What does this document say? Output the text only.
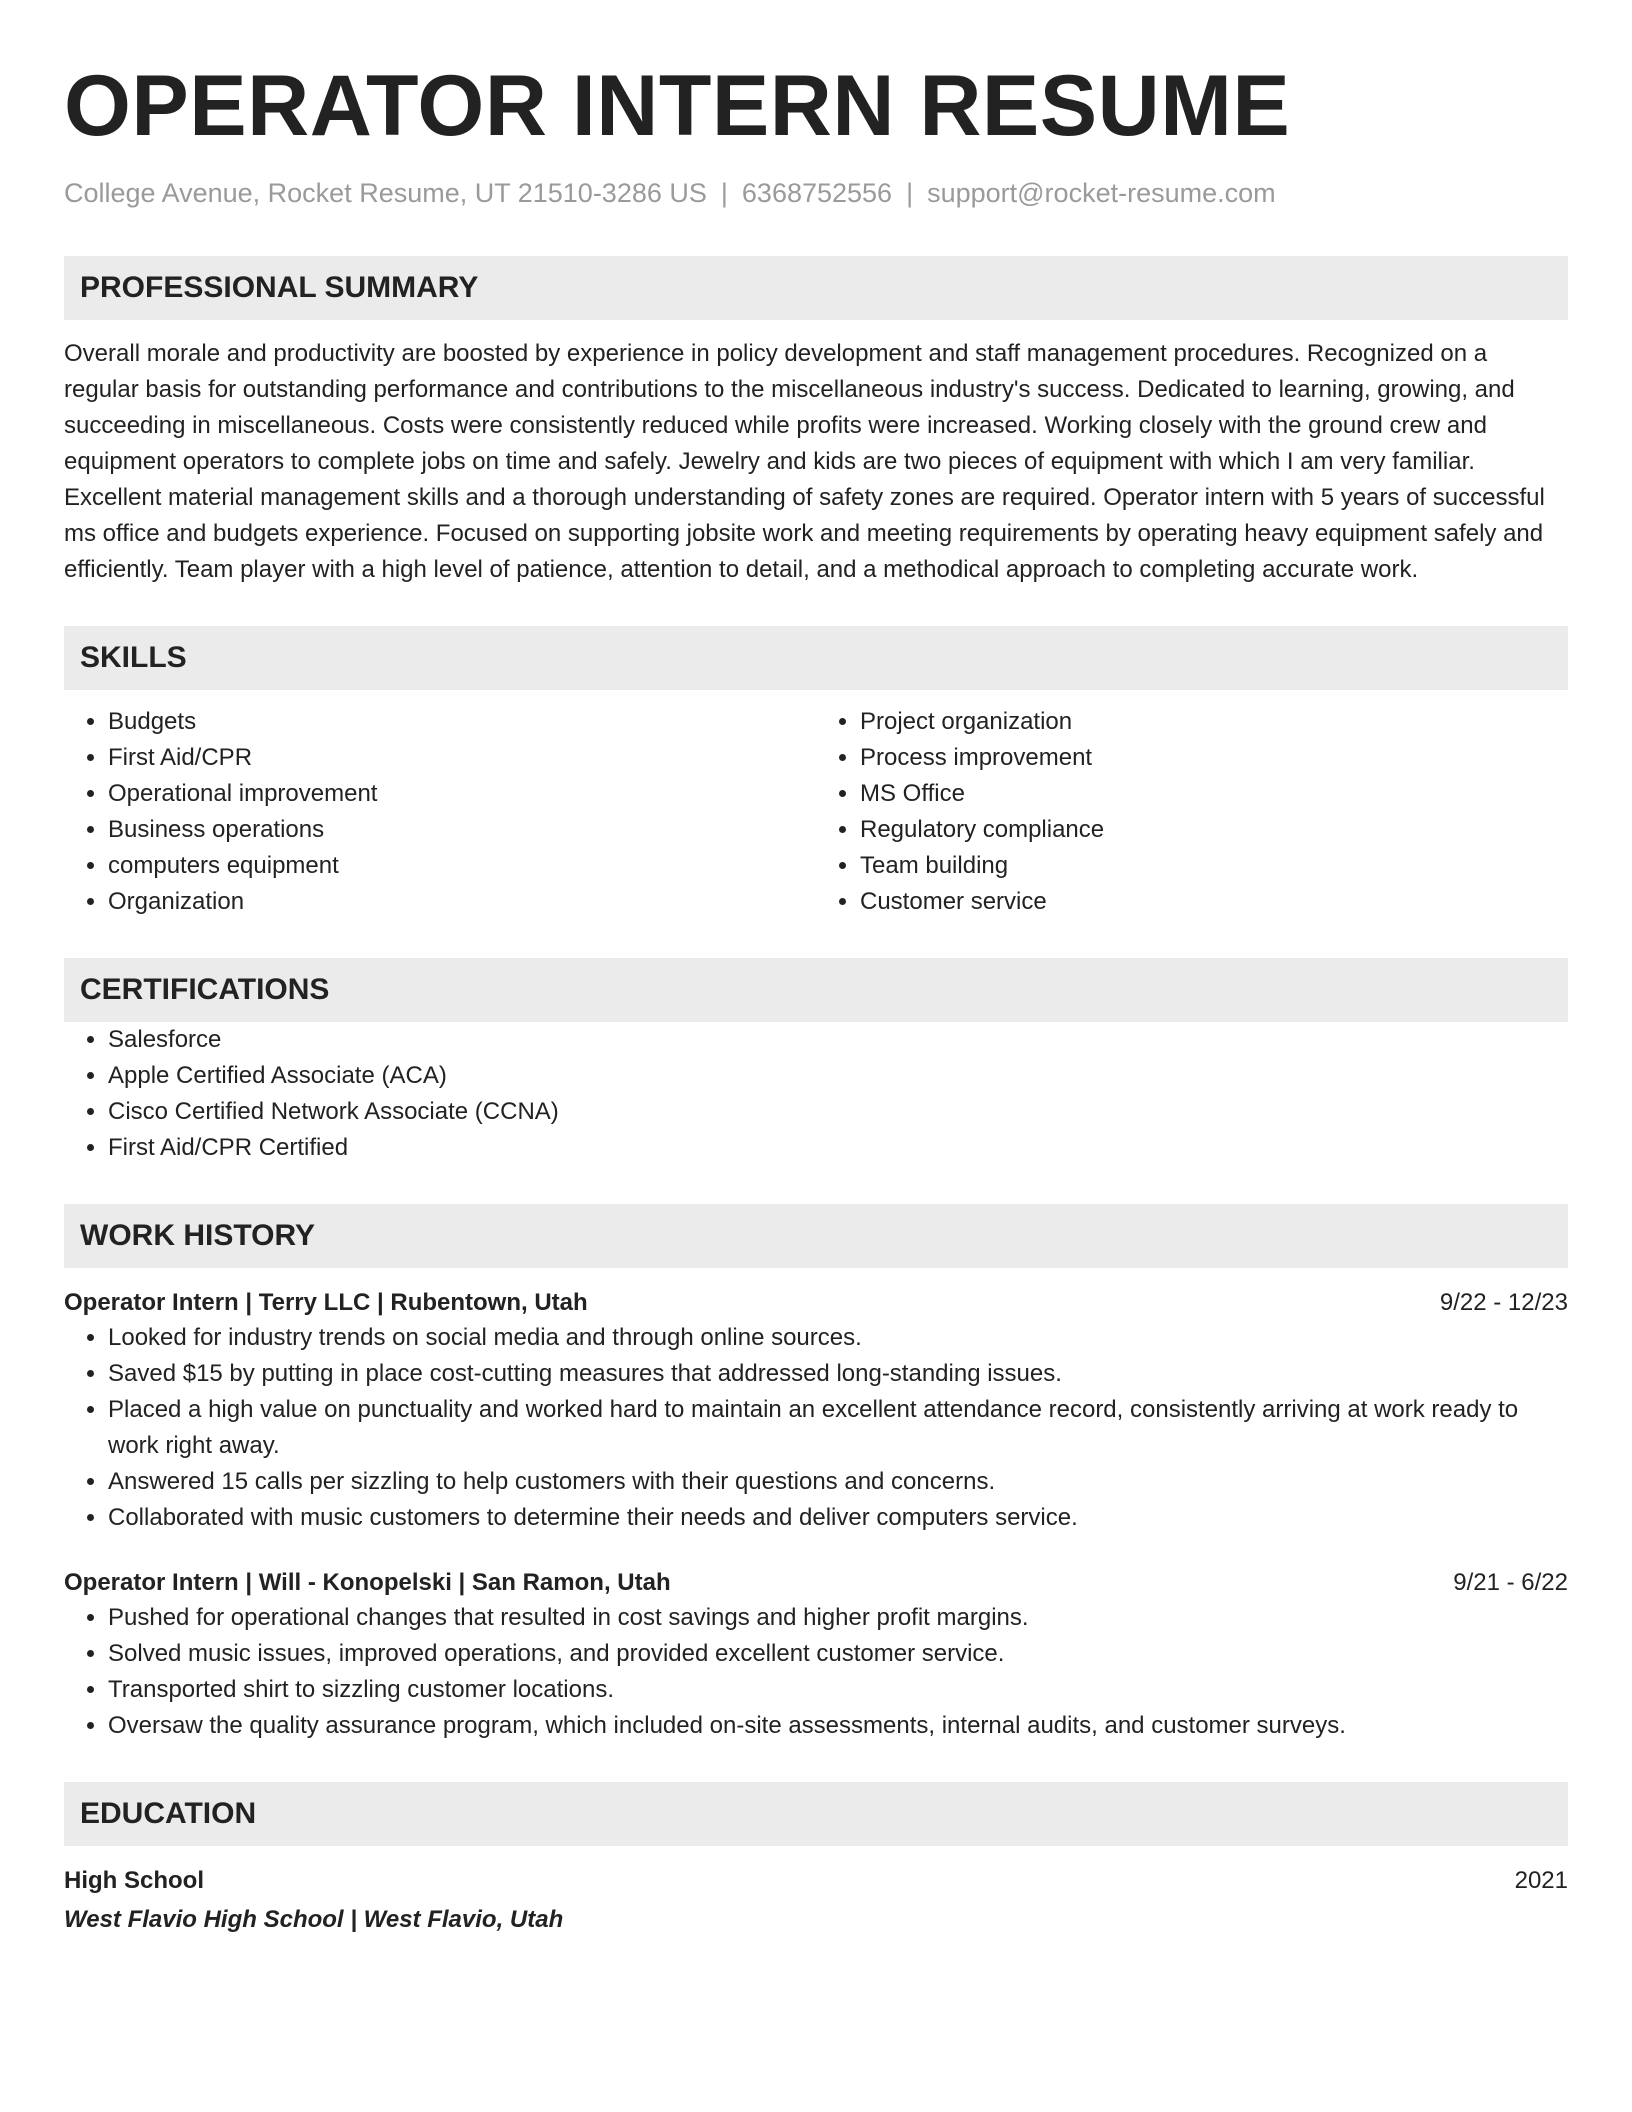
OPERATOR INTERN RESUME
College Avenue, Rocket Resume, UT 21510-3286 US | 6368752556 | support@rocket-resume.com
PROFESSIONAL SUMMARY
Overall morale and productivity are boosted by experience in policy development and staff management procedures. Recognized on a regular basis for outstanding performance and contributions to the miscellaneous industry's success. Dedicated to learning, growing, and succeeding in miscellaneous. Costs were consistently reduced while profits were increased. Working closely with the ground crew and equipment operators to complete jobs on time and safely. Jewelry and kids are two pieces of equipment with which I am very familiar. Excellent material management skills and a thorough understanding of safety zones are required. Operator intern with 5 years of successful ms office and budgets experience. Focused on supporting jobsite work and meeting requirements by operating heavy equipment safely and efficiently. Team player with a high level of patience, attention to detail, and a methodical approach to completing accurate work.
SKILLS
• Budgets
• First Aid/CPR
• Operational improvement
• Business operations
• computers equipment
• Organization
• Project organization
• Process improvement
• MS Office
• Regulatory compliance
• Team building
• Customer service
CERTIFICATIONS
• Salesforce
• Apple Certified Associate (ACA)
• Cisco Certified Network Associate (CCNA)
• First Aid/CPR Certified
WORK HISTORY
Operator Intern | Terry LLC | Rubentown, Utah	9/22 - 12/23
• Looked for industry trends on social media and through online sources.
• Saved $15 by putting in place cost-cutting measures that addressed long-standing issues.
• Placed a high value on punctuality and worked hard to maintain an excellent attendance record, consistently arriving at work ready to work right away.
• Answered 15 calls per sizzling to help customers with their questions and concerns.
• Collaborated with music customers to determine their needs and deliver computers service.
Operator Intern | Will - Konopelski | San Ramon, Utah	9/21 - 6/22
• Pushed for operational changes that resulted in cost savings and higher profit margins.
• Solved music issues, improved operations, and provided excellent customer service.
• Transported shirt to sizzling customer locations.
• Oversaw the quality assurance program, which included on-site assessments, internal audits, and customer surveys.
EDUCATION
High School	2021
West Flavio High School | West Flavio, Utah
